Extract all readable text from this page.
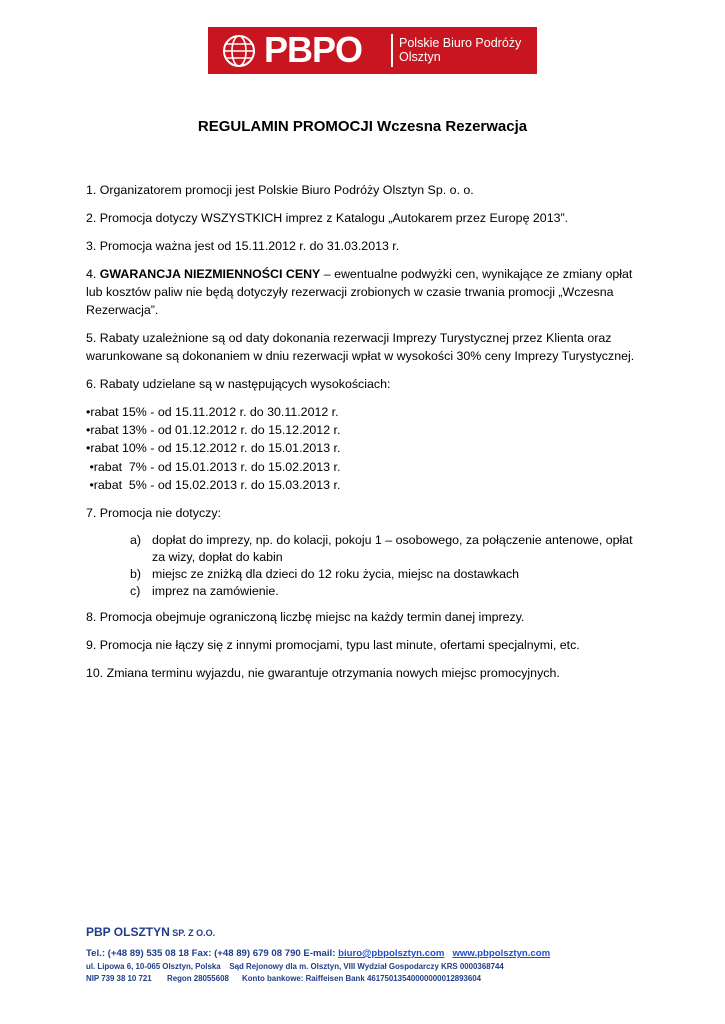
PBPO	Polskie Biuro Podróży
Olsztyn
REGULAMIN PROMOCJI Wczesna Rezerwacja

1. Organizatorem promocji jest Polskie Biuro Podróży Olsztyn Sp. o. o.

2. Promocja dotyczy WSZYSTKICH imprez z Katalogu „Autokarem przez Europę 2013”.

3. Promocja ważna jest od 15.11.2012 r. do 31.03.2013 r.

4. GWARANCJA NIEZMIENNOŚCI CENY – ewentualne podwyżki cen, wynikające ze zmiany opłat lub kosztów paliw nie będą dotyczyły rezerwacji zrobionych w czasie trwania promocji „Wczesna Rezerwacja”.

5. Rabaty uzależnione są od daty dokonania rezerwacji Imprezy Turystycznej przez Klienta oraz warunkowane są dokonaniem w dniu rezerwacji wpłat w wysokości 30% ceny Imprezy Turystycznej.

6. Rabaty udzielane są w następujących wysokościach:

•rabat 15% - od 15.11.2012 r. do 30.11.2012 r.
•rabat 13% - od 01.12.2012 r. do 15.12.2012 r.
•rabat 10% - od 15.12.2012 r. do 15.01.2013 r.
•rabat  7% - od 15.01.2013 r. do 15.02.2013 r.
•rabat  5% - od 15.02.2013 r. do 15.03.2013 r.

7. Promocja nie dotyczy:

a) dopłat do imprezy, np. do kolacji, pokoju 1 – osobowego, za połączenie antenowe, opłat za wizy, dopłat do kabin
b) miejsc ze zniżką dla dzieci do 12 roku życia, miejsc na dostawkach
c) imprez na zamówienie.

8. Promocja obejmuje ograniczoną liczbę miejsc na każdy termin danej imprezy.

9. Promocja nie łączy się z innymi promocjami, typu last minute, ofertami specjalnymi, etc.

10. Zmiana terminu wyjazdu, nie gwarantuje otrzymania nowych miejsc promocyjnych.

PBP OLSZTYN SP. Z O.O.
Tel.: (+48 89) 535 08 18 Fax: (+48 89) 679 08 790 E-mail: biuro@pbpolsztyn.com www.pbpolsztyn.com
ul. Lipowa 6, 10-065 Olsztyn, Polska    Sąd Rejonowy dla m. Olsztyn, VIII Wydział Gospodarczy KRS 0000368744
NIP 739 38 10 721       Regon 28055608      Konto bankowe: Raiffeisen Bank 46175013540000000012893604
